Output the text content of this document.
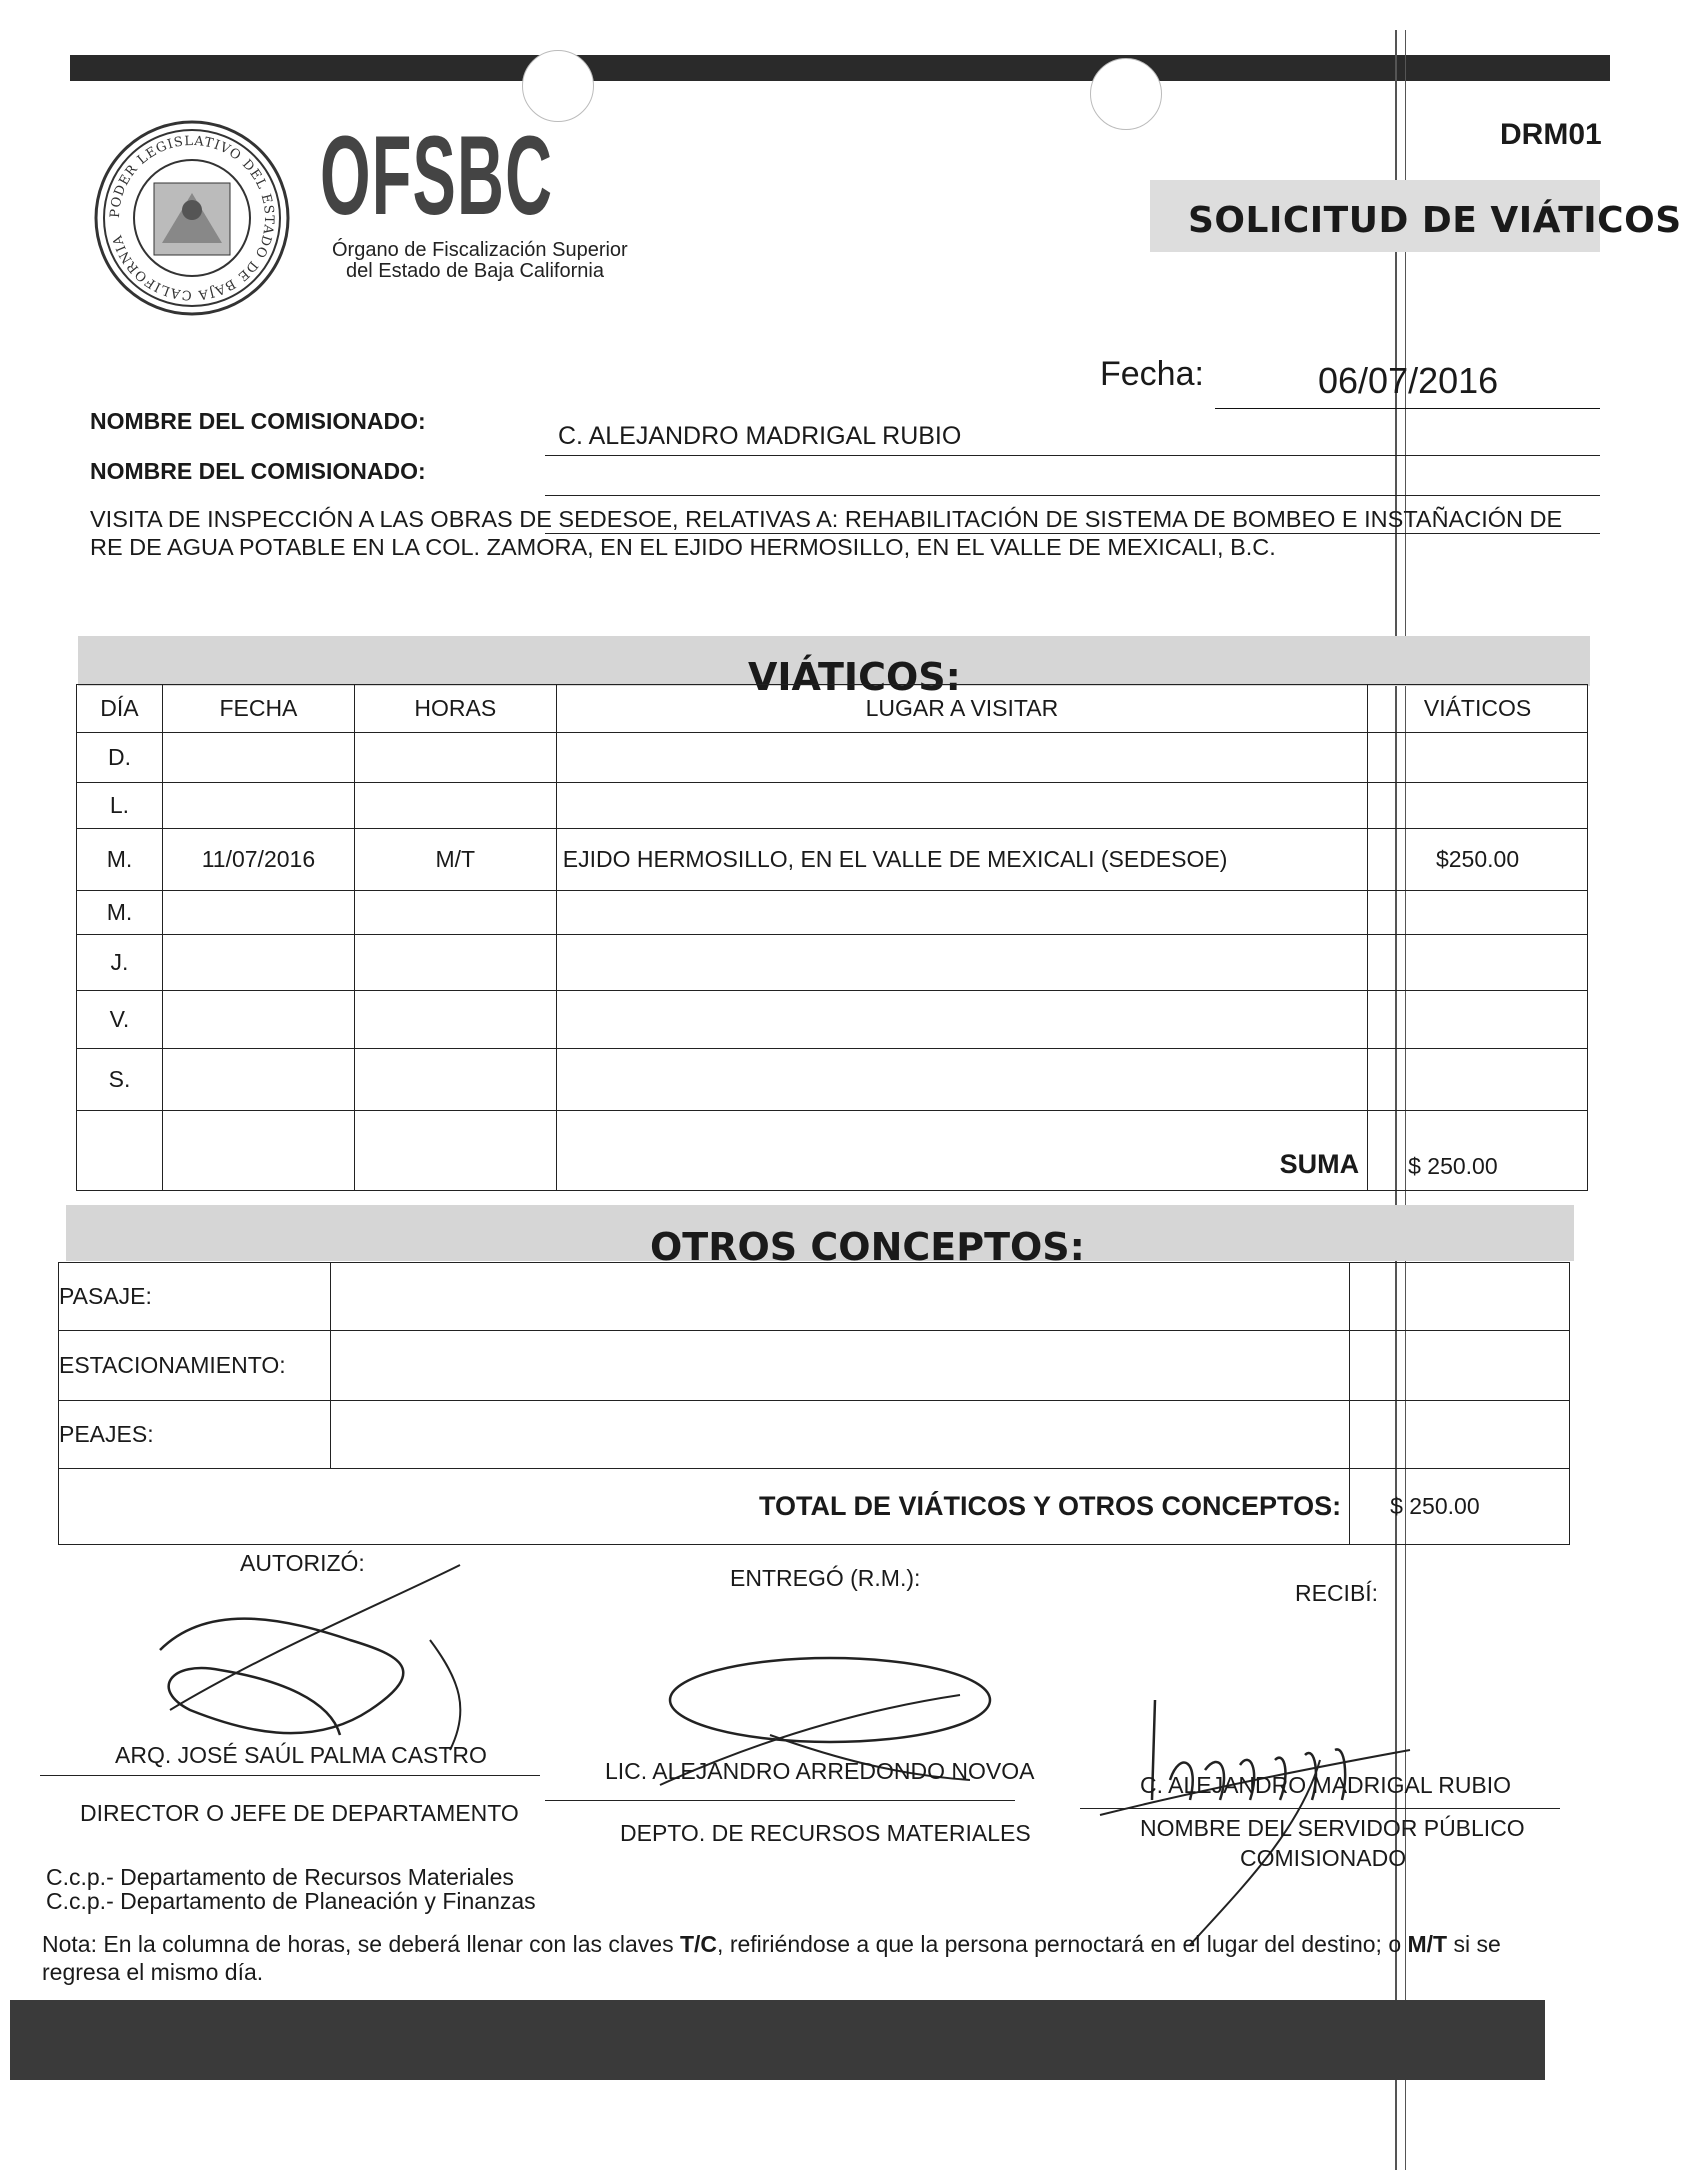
PODER LEGISLATIVO DEL ESTADO DE BAJA CALIFORNIA
OFSBC
Órgano de Fiscalización Superior
del Estado de Baja California
DRM01
SOLICITUD DE VIÁTICOS
Fecha:	06/07/2016
NOMBRE DEL COMISIONADO:
C. ALEJANDRO MADRIGAL RUBIO
NOMBRE DEL COMISIONADO:
VISITA DE INSPECCIÓN A LAS OBRAS DE SEDESOE, RELATIVAS A: REHABILITACIÓN DE SISTEMA DE BOMBEO E INSTAÑACIÓN DE RE DE AGUA POTABLE EN LA COL. ZAMORA, EN EL EJIDO HERMOSILLO, EN EL VALLE DE MEXICALI, B.C.
VIÁTICOS:
DÍA	FECHA	HORAS	LUGAR A VISITAR	VIÁTICOS
D.				
L.				
M.	11/07/2016	M/T	EJIDO HERMOSILLO, EN EL VALLE DE MEXICALI (SEDESOE)	$250.00
M.				
J.				
V.				
S.				
			SUMA	$ 250.00
OTROS CONCEPTOS:
PASAJE:		
ESTACIONAMIENTO:		
PEAJES:		
TOTAL DE VIÁTICOS Y OTROS CONCEPTOS:		$ 250.00
AUTORIZÓ:
ENTREGÓ (R.M.):
RECIBÍ:
ARQ. JOSÉ SAÚL PALMA CASTRO
DIRECTOR O JEFE DE DEPARTAMENTO
LIC. ALEJANDRO ARREDONDO NOVOA
DEPTO. DE RECURSOS MATERIALES
C. ALEJANDRO MADRIGAL RUBIO
NOMBRE DEL SERVIDOR PÚBLICO
COMISIONADO
C.c.p.- Departamento de Recursos Materiales
C.c.p.- Departamento de Planeación y Finanzas
Nota: En la columna de horas, se deberá llenar con las claves T/C, refiriéndose a que la persona pernoctará en el lugar del destino; o M/T si se regresa el mismo día.
